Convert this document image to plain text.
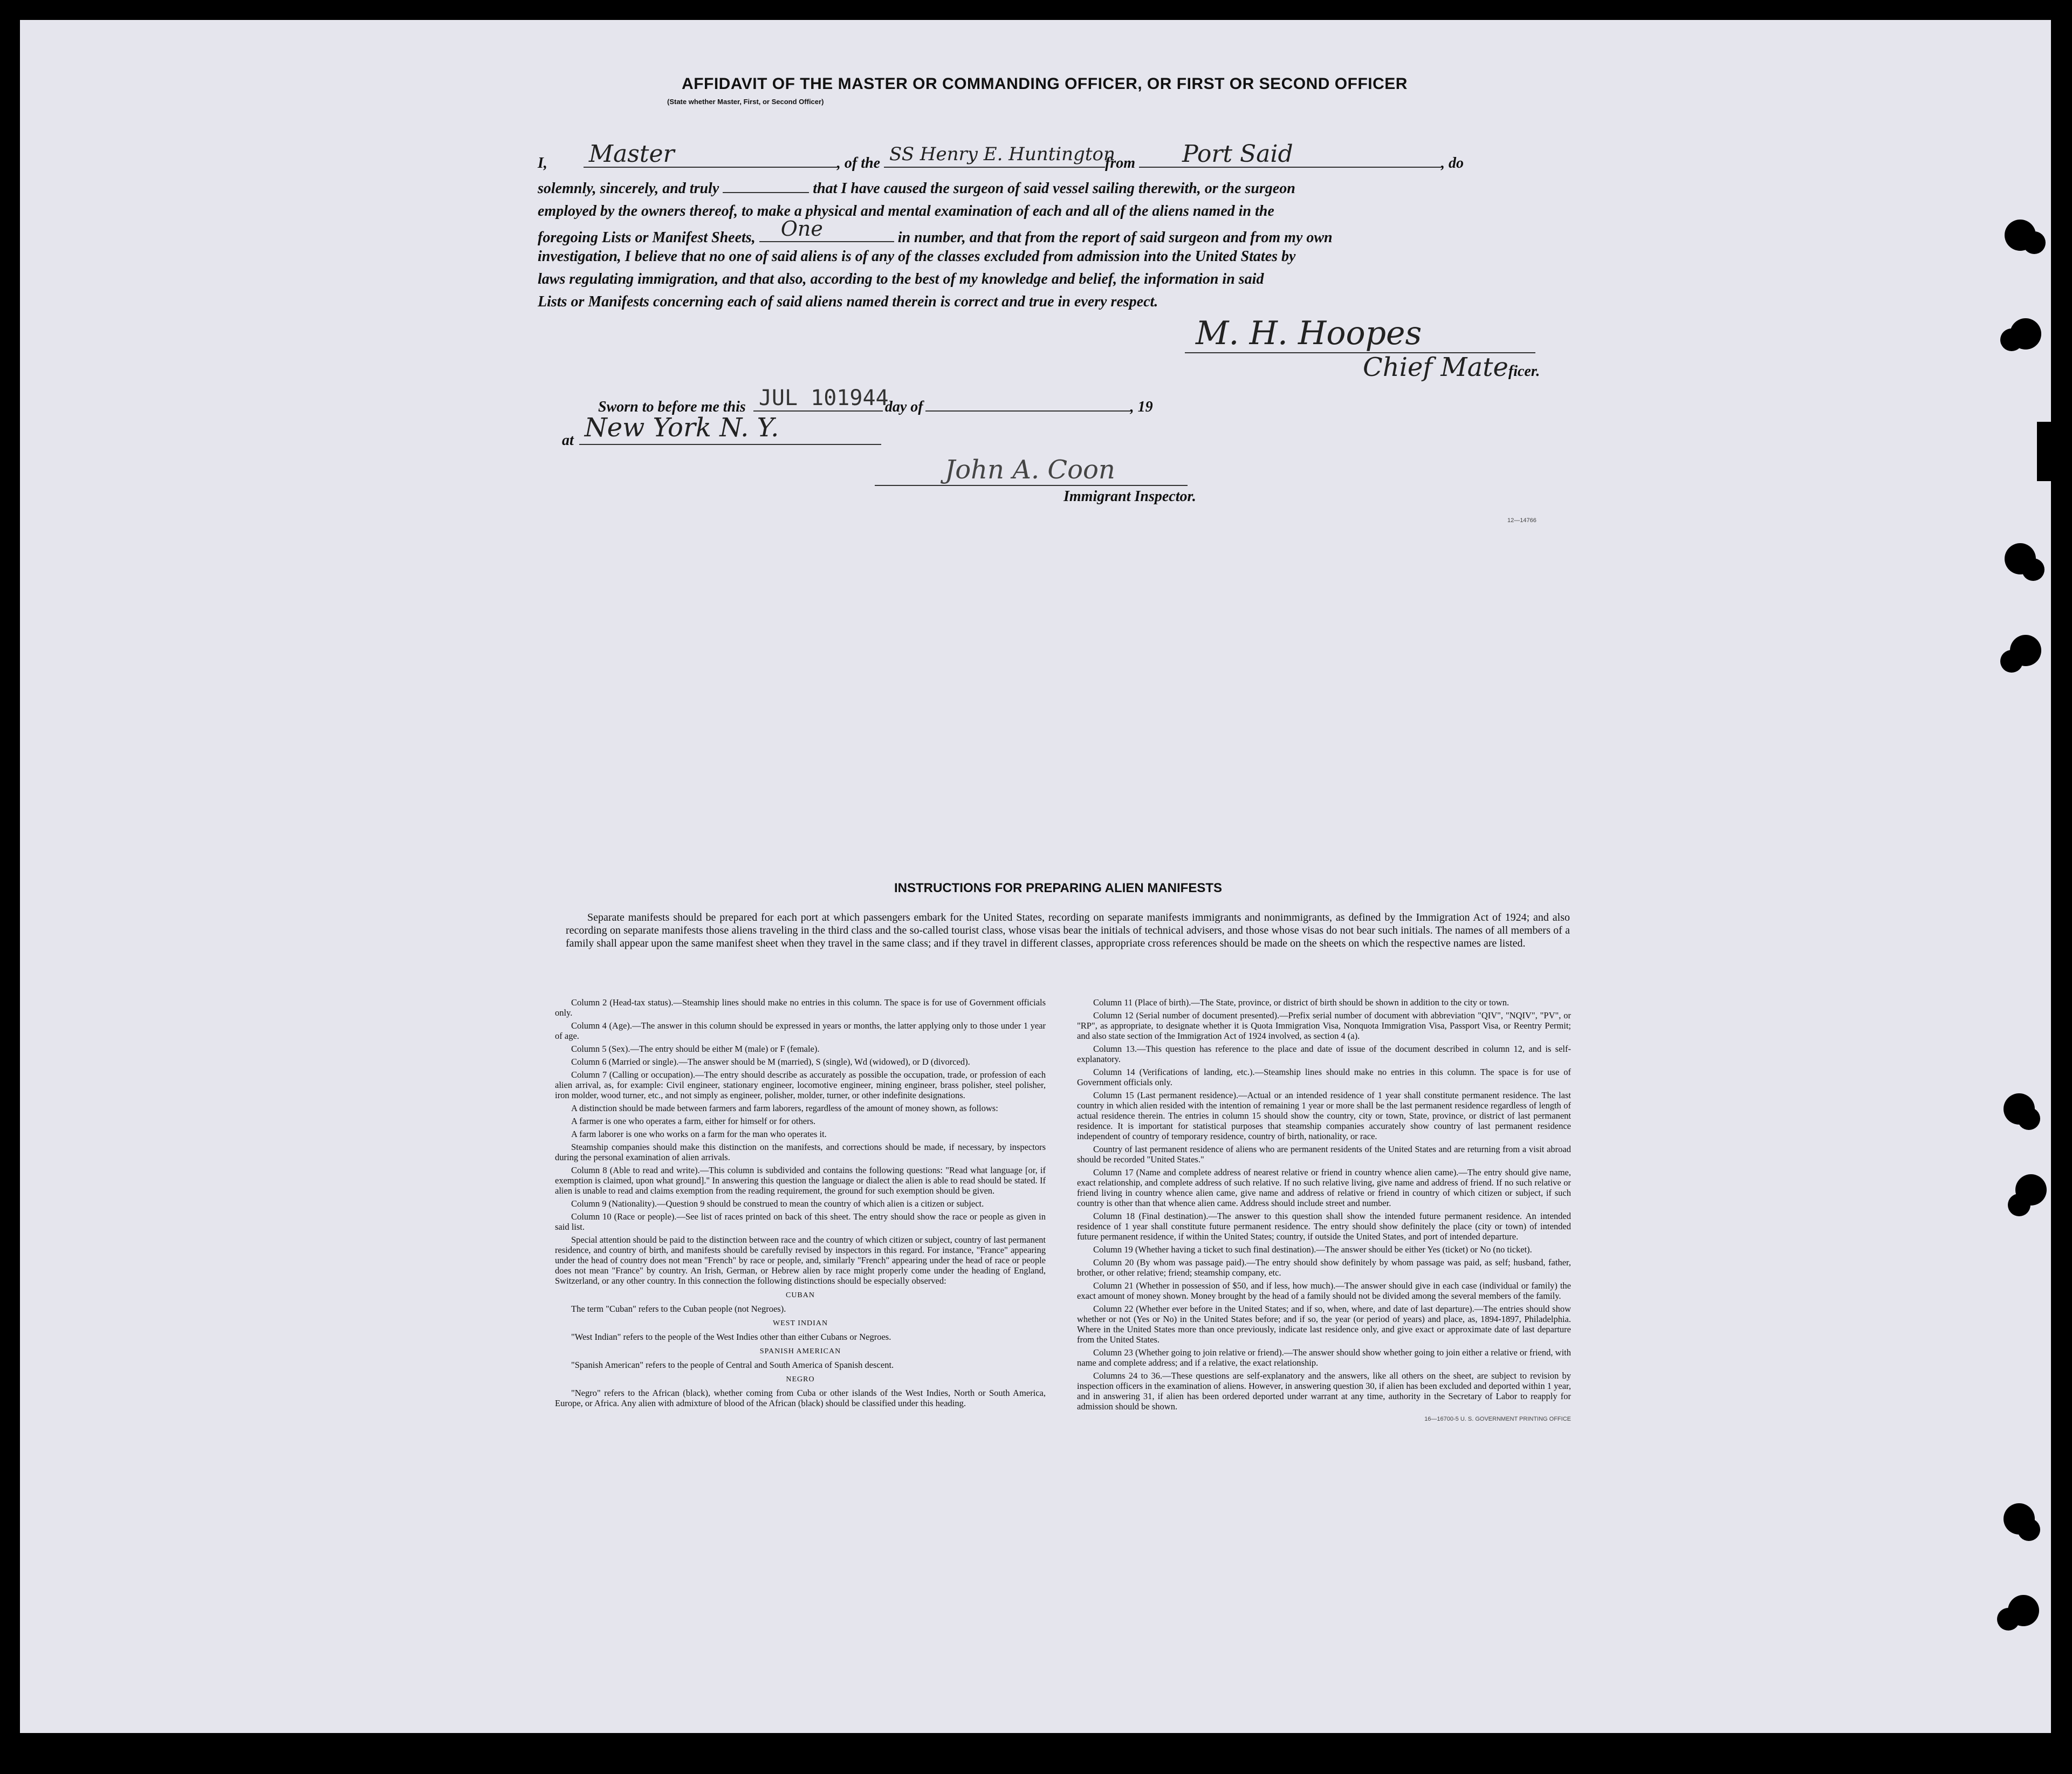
AFFIDAVIT OF THE MASTER OR COMMANDING OFFICER, OR FIRST OR SECOND OFFICER
I, Master	, of the SS Henry E. Huntington
from Port Said	, do
(State whether Master, First, or Second Officer)
solemnly, sincerely, and truly	that I have caused the surgeon of said vessel sailing therewith, or the surgeon
employed by the owners thereof, to make a physical and mental examination of each and all of the aliens named in the
foregoing Lists or Manifest Sheets, One	in number, and that from the report of said surgeon and from my own
investigation, I believe that no one of said aliens is of any of the classes excluded from admission into the United States by
laws regulating immigration, and that also, according to the best of my knowledge and belief, the information in said
Lists or Manifests concerning each of said aliens named therein is correct and true in every respect.
M. H. Hoopes
Chief Mateficer.
Sworn to before me this JUL 101944
day of	, 19
at New York N. Y.
John A. Coon
Immigrant Inspector.
12—14766
INSTRUCTIONS FOR PREPARING ALIEN MANIFESTS
Separate manifests should be prepared for each port at which passengers embark for the United States, recording on separate manifests immigrants and nonimmigrants, as defined by the Immigration Act of 1924; and also recording on separate manifests those aliens traveling in the third class and the so-called tourist class, whose visas bear the initials of technical advisers, and those whose visas do not bear such initials. The names of all members of a family shall appear upon the same manifest sheet when they travel in the same class; and if they travel in different classes, appropriate cross references should be made on the sheets on which the respective names are listed.

Column 2 (Head-tax status).—Steamship lines should make no entries in this column. The space is for use of Government officials only.

Column 4 (Age).—The answer in this column should be expressed in years or months, the latter applying only to those under 1 year of age.

Column 5 (Sex).—The entry should be either M (male) or F (female).

Column 6 (Married or single).—The answer should be M (married), S (single), Wd (widowed), or D (divorced).

Column 7 (Calling or occupation).—The entry should describe as accurately as possible the occupation, trade, or profession of each alien arrival, as, for example: Civil engineer, stationary engineer, locomotive engineer, mining engineer, brass polisher, steel polisher, iron molder, wood turner, etc., and not simply as engineer, polisher, molder, turner, or other indefinite designations.

A distinction should be made between farmers and farm laborers, regardless of the amount of money shown, as follows:

A farmer is one who operates a farm, either for himself or for others.

A farm laborer is one who works on a farm for the man who operates it.

Steamship companies should make this distinction on the manifests, and corrections should be made, if necessary, by inspectors during the personal examination of alien arrivals.

Column 8 (Able to read and write).—This column is subdivided and contains the following questions: "Read what language [or, if exemption is claimed, upon what ground]." In answering this question the language or dialect the alien is able to read should be stated. If alien is unable to read and claims exemption from the reading requirement, the ground for such exemption should be given.

Column 9 (Nationality).—Question 9 should be construed to mean the country of which alien is a citizen or subject.

Column 10 (Race or people).—See list of races printed on back of this sheet. The entry should show the race or people as given in said list.

Special attention should be paid to the distinction between race and the country of which citizen or subject, country of last permanent residence, and country of birth, and manifests should be carefully revised by inspectors in this regard. For instance, "France" appearing under the head of country does not mean "French" by race or people, and, similarly "French" appearing under the head of race or people does not mean "France" by country. An Irish, German, or Hebrew alien by race might properly come under the heading of England, Switzerland, or any other country. In this connection the following distinctions should be especially observed:

CUBAN

The term "Cuban" refers to the Cuban people (not Negroes).

WEST INDIAN

"West Indian" refers to the people of the West Indies other than either Cubans or Negroes.

SPANISH AMERICAN

"Spanish American" refers to the people of Central and South America of Spanish descent.

NEGRO

"Negro" refers to the African (black), whether coming from Cuba or other islands of the West Indies, North or South America, Europe, or Africa. Any alien with admixture of blood of the African (black) should be classified under this heading.

Column 11 (Place of birth).—The State, province, or district of birth should be shown in addition to the city or town.

Column 12 (Serial number of document presented).—Prefix serial number of document with abbreviation "QIV", "NQIV", "PV", or "RP", as appropriate, to designate whether it is Quota Immigration Visa, Nonquota Immigration Visa, Passport Visa, or Reentry Permit; and also state section of the Immigration Act of 1924 involved, as section 4 (a).

Column 13.—This question has reference to the place and date of issue of the document described in column 12, and is self-explanatory.

Column 14 (Verifications of landing, etc.).—Steamship lines should make no entries in this column. The space is for use of Government officials only.

Column 15 (Last permanent residence).—Actual or an intended residence of 1 year shall constitute permanent residence. The last country in which alien resided with the intention of remaining 1 year or more shall be the last permanent residence regardless of length of actual residence therein. The entries in column 15 should show the country, city or town, State, province, or district of last permanent residence. It is important for statistical purposes that steamship companies accurately show country of last permanent residence independent of country of temporary residence, country of birth, nationality, or race.

Country of last permanent residence of aliens who are permanent residents of the United States and are returning from a visit abroad should be recorded "United States."

Column 17 (Name and complete address of nearest relative or friend in country whence alien came).—The entry should give name, exact relationship, and complete address of such relative. If no such relative living, give name and address of friend. If no such relative or friend living in country whence alien came, give name and address of relative or friend in country of which citizen or subject, if such country is other than that whence alien came. Address should include street and number.

Column 18 (Final destination).—The answer to this question shall show the intended future permanent residence. An intended residence of 1 year shall constitute future permanent residence. The entry should show definitely the place (city or town) of intended future permanent residence, if within the United States; country, if outside the United States, and port of intended departure.

Column 19 (Whether having a ticket to such final destination).—The answer should be either Yes (ticket) or No (no ticket).

Column 20 (By whom was passage paid).—The entry should show definitely by whom passage was paid, as self; husband, father, brother, or other relative; friend; steamship company, etc.

Column 21 (Whether in possession of $50, and if less, how much).—The answer should give in each case (individual or family) the exact amount of money shown. Money brought by the head of a family should not be divided among the several members of the family.

Column 22 (Whether ever before in the United States; and if so, when, where, and date of last departure).—The entries should show whether or not (Yes or No) in the United States before; and if so, the year (or period of years) and place, as, 1894-1897, Philadelphia. Where in the United States more than once previously, indicate last residence only, and give exact or approximate date of last departure from the United States.

Column 23 (Whether going to join relative or friend).—The answer should show whether going to join either a relative or friend, with name and complete address; and if a relative, the exact relationship.

Columns 24 to 36.—These questions are self-explanatory and the answers, like all others on the sheet, are subject to revision by inspection officers in the examination of aliens. However, in answering question 30, if alien has been excluded and deported within 1 year, and in answering 31, if alien has been ordered deported under warrant at any time, authority in the Secretary of Labor to reapply for admission should be shown.

16—16700-5 U. S. GOVERNMENT PRINTING OFFICE
